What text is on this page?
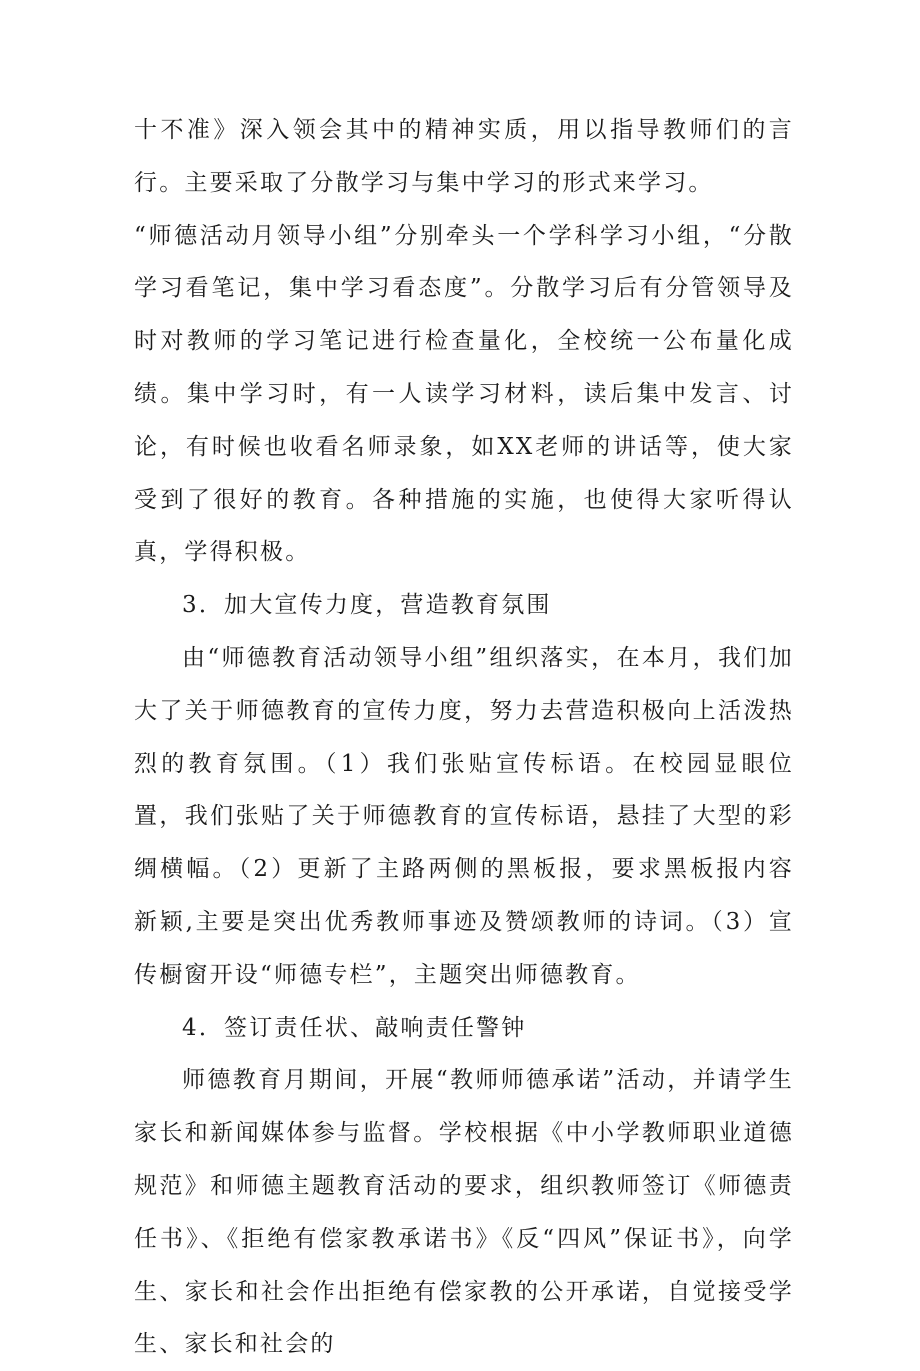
十不准》深入领会其中的精神实质，用以指导教师们的言行。主要采取了分散学习与集中学习的形式来学习。

“师德活动月领导小组”分别牵头一个学科学习小组，“分散学习看笔记，集中学习看态度”。分散学习后有分管领导及时对教师的学习笔记进行检查量化，全校统一公布量化成绩。集中学习时，有一人读学习材料，读后集中发言、讨论，有时候也收看名师录象，如XX老师的讲话等，使大家受到了很好的教育。各种措施的实施，也使得大家听得认真，学得积极。

3．加大宣传力度，营造教育氛围

由“师德教育活动领导小组”组织落实，在本月，我们加大了关于师德教育的宣传力度，努力去营造积极向上活泼热烈的教育氛围。（1）我们张贴宣传标语。在校园显眼位置，我们张贴了关于师德教育的宣传标语，悬挂了大型的彩绸横幅。（2）更新了主路两侧的黑板报，要求黑板报内容新颖,主要是突出优秀教师事迹及赞颂教师的诗词。（3）宣传橱窗开设“师德专栏”，主题突出师德教育。

4．签订责任状、敲响责任警钟

师德教育月期间，开展“教师师德承诺”活动，并请学生家长和新闻媒体参与监督。学校根据《中小学教师职业道德规范》和师德主题教育活动的要求，组织教师签订《师德责任书》、《拒绝有偿家教承诺书》《反“四风”保证书》，向学生、家长和社会作出拒绝有偿家教的公开承诺，自觉接受学生、家长和社会的
